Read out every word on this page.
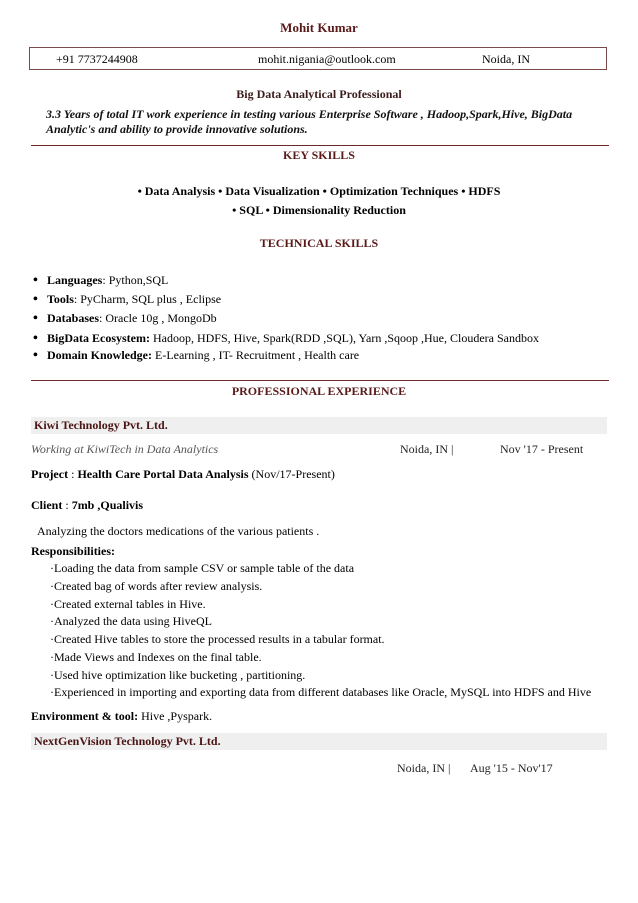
Mohit Kumar
+91 7737244908	mohit.nigania@outlook.com	Noida, IN
Big Data Analytical Professional
3.3 Years of total IT work experience in testing various Enterprise Software , Hadoop,Spark,Hive, BigData Analytic's and ability to provide innovative solutions.
KEY SKILLS
• Data Analysis • Data Visualization • Optimization Techniques • HDFS
• SQL • Dimensionality Reduction
TECHNICAL SKILLS
• Languages: Python,SQL
• Tools: PyCharm, SQL plus , Eclipse
• Databases: Oracle 10g , MongoDb
• BigData Ecosystem: Hadoop, HDFS, Hive, Spark(RDD ,SQL), Yarn ,Sqoop ,Hue, Cloudera Sandbox
• Domain Knowledge: E-Learning , IT- Recruitment , Health care
PROFESSIONAL EXPERIENCE
Kiwi Technology Pvt. Ltd.
Working at KiwiTech in Data Analytics	Noida, IN |	Nov '17 - Present
Project : Health Care Portal Data Analysis (Nov/17-Present)
Client : 7mb ,Qualivis
Analyzing the doctors medications of the various patients .
Responsibilities:
·Loading the data from sample CSV or sample table of the data
·Created bag of words after review analysis.
·Created external tables in Hive.
·Analyzed the data using HiveQL
·Created Hive tables to store the processed results in a tabular format.
·Made Views and Indexes on the final table.
·Used hive optimization like bucketing , partitioning.
·Experienced in importing and exporting data from different databases like Oracle, MySQL into HDFS and Hive
Environment & tool: Hive ,Pyspark.
NextGenVision Technology Pvt. Ltd.
Noida, IN | Aug '15 - Nov'17
